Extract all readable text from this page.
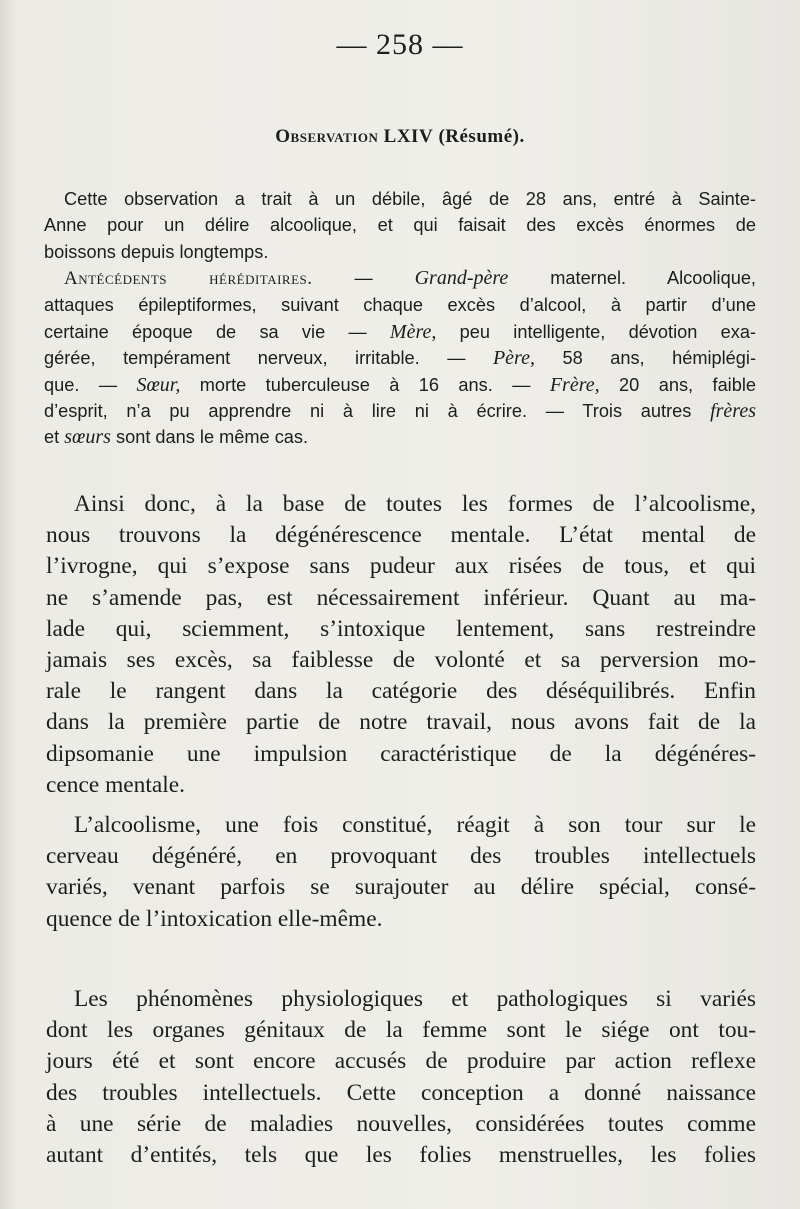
— 258 —
Observation LXIV (Résumé).
Cette observation a trait à un débile, âgé de 28 ans, entré à Sainte-
Anne pour un délire alcoolique, et qui faisait des excès énormes de
boissons depuis longtemps.
Antécédents héréditaires. — Grand-père maternel. Alcoolique,
attaques épileptiformes, suivant chaque excès d’alcool, à partir d’une
certaine époque de sa vie — Mère, peu intelligente, dévotion exa-
gérée, tempérament nerveux, irritable. — Père, 58 ans, hémiplégi-
que. — Sœur, morte tuberculeuse à 16 ans. — Frère, 20 ans, faible
d’esprit, n’a pu apprendre ni à lire ni à écrire. — Trois autres frères
et sœurs sont dans le même cas.
Ainsi donc, à la base de toutes les formes de l’alcoolisme,
nous trouvons la dégénérescence mentale. L’état mental de
l’ivrogne, qui s’expose sans pudeur aux risées de tous, et qui
ne s’amende pas, est nécessairement inférieur. Quant au ma-
lade qui, sciemment, s’intoxique lentement, sans restreindre
jamais ses excès, sa faiblesse de volonté et sa perversion mo-
rale le rangent dans la catégorie des déséquilibrés. Enfin
dans la première partie de notre travail, nous avons fait de la
dipsomanie une impulsion caractéristique de la dégénéres-
cence mentale.
L’alcoolisme, une fois constitué, réagit à son tour sur le
cerveau dégénéré, en provoquant des troubles intellectuels
variés, venant parfois se surajouter au délire spécial, consé-
quence de l’intoxication elle-même.
Les phénomènes physiologiques et pathologiques si variés
dont les organes génitaux de la femme sont le siége ont tou-
jours été et sont encore accusés de produire par action reflexe
des troubles intellectuels. Cette conception a donné naissance
à une série de maladies nouvelles, considérées toutes comme
autant d’entités, tels que les folies menstruelles, les folies
